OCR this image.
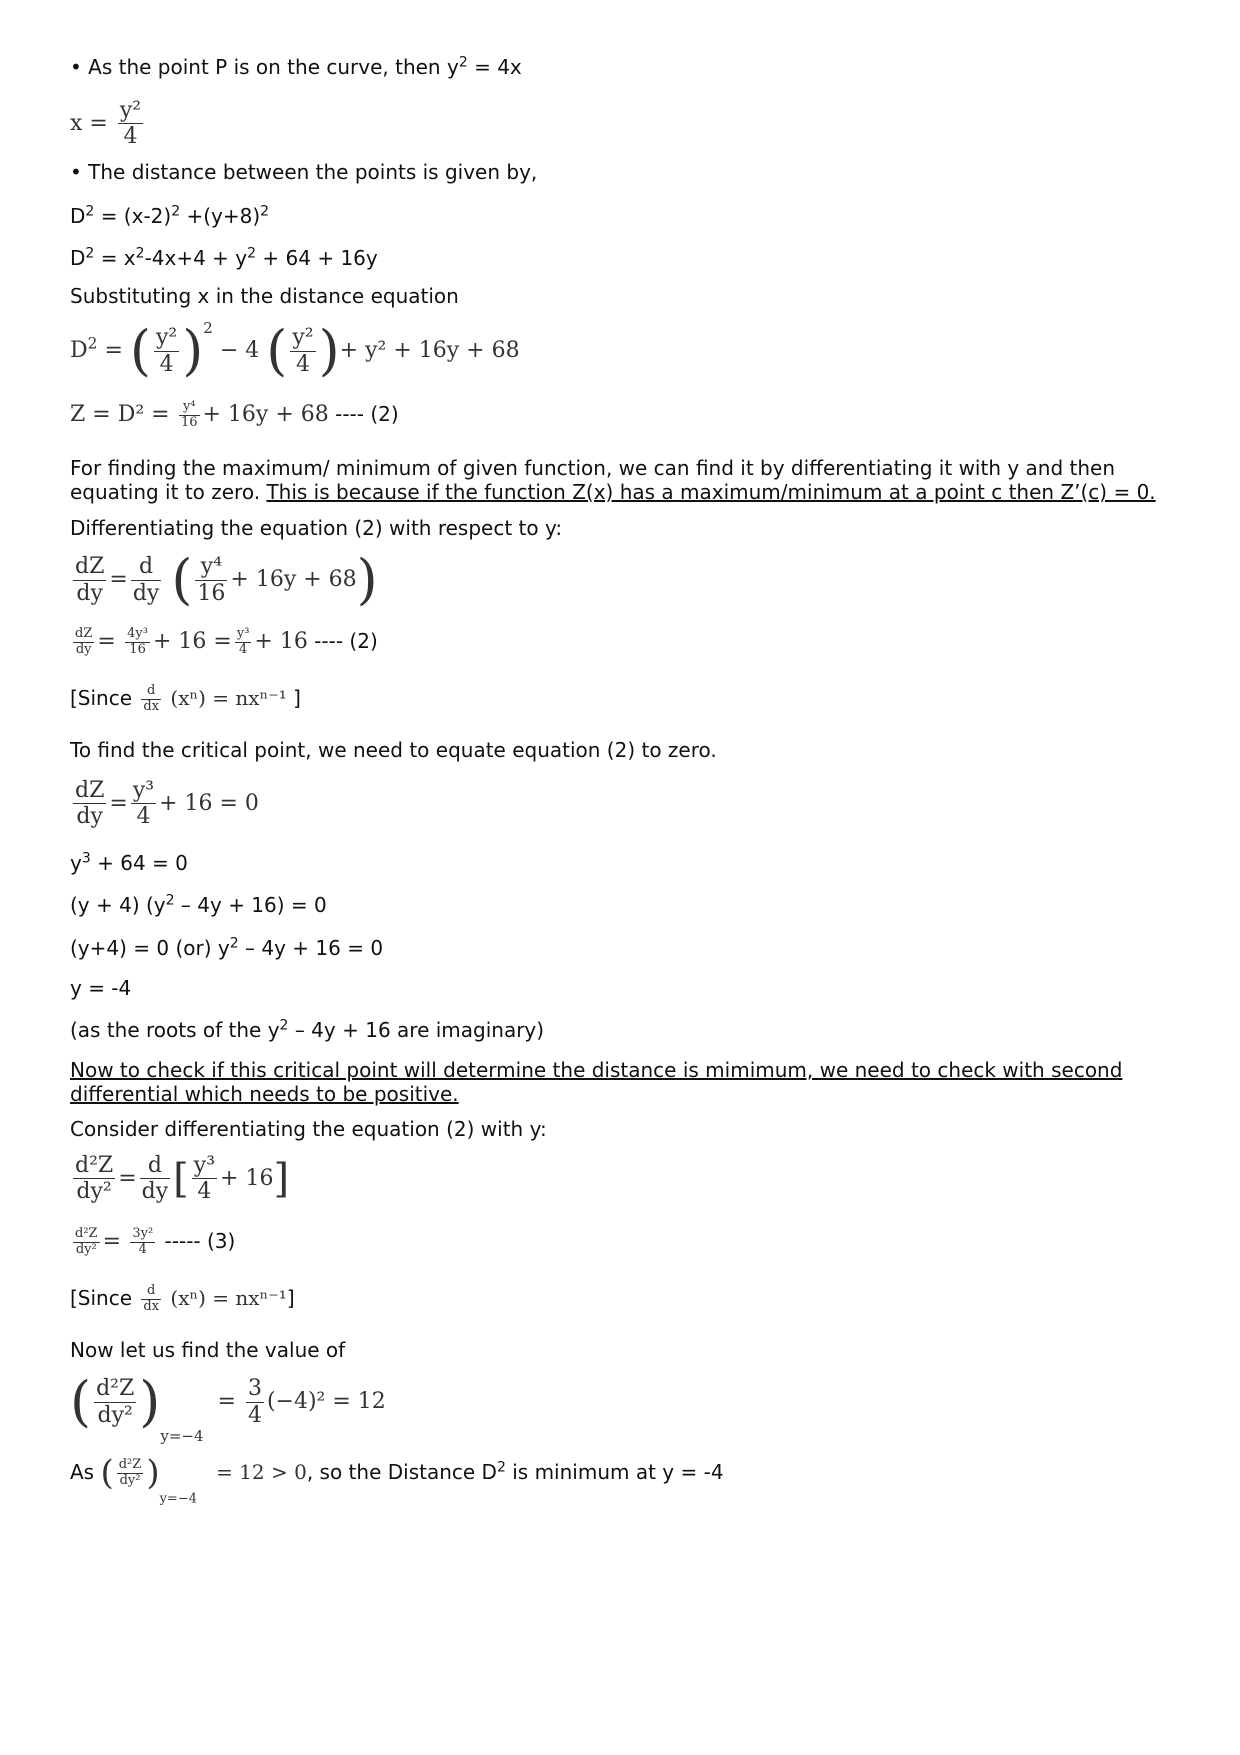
• As the point P is on the curve, then $y^2 = 4x$
$x = \frac{\text{y²}}{4}$
• The distance between the points is given by,
$D^2 = (x-2)^2 +(y+8)^2$
$D^2 = x^2-4x+4 + y^2 + 64 + 16y$
Substituting x in the distance equation
$D^2$ = ( $\frac{\text{y²}}{4} )^2 - 4$ ( $\frac{\text{y²}}{4}$ )+ y² + 16y + 68
$Z = D^2 = \frac{\text{y⁴}}{16} + 16y + 68$ ---- (2)
For finding the maximum/ minimum of given function, we can find it by differentiating it with y and then equating it to zero. This is because if the function Z(x) has a maximum/minimum at a point c then Z’(c) = 0.
Differentiating the equation (2) with respect to y:
$\frac{dZ}{dy} = \frac{d}{dy}$ ( $\frac{\text{y⁴}}{16} + 16y + 68$)
$\frac{dZ}{dy} = \frac{\text{4y³}}{16} + 16 = \frac{\text{y³}}{4} + 16$ ---- (2)
[Since $\frac{d}{dx} (x^n) = nx^{n-1}$ ]
To find the critical point, we need to equate equation (2) to zero.
$\frac{dZ}{dy} = \frac{\text{y³}}{4} + 16 = 0$
$y^3 + 64 = 0$
(y + 4) $(y^2 - 4y + 16) = 0$
(y+4) = 0 (or) $y^2 - 4y + 16 = 0$
y = -4
(as the roots of the $y^2 - 4y + 16$ are imaginary)
Now to check if this critical point will determine the distance is mimimum, we need to check with second differential which needs to be positive.
Consider differentiating the equation (2) with y:
$\frac{\text{d²Z}}{\text{dy²}} = \frac{d}{dy}$ [ $\frac{\text{y³}}{4} + 16$]
$\frac{\text{d²Z}}{\text{dy²}} = \frac{\text{3y²}}{4}$ ----- (3)
[Since $\frac{d}{dx} (x^n) = nx^{n-1}$]
Now let us find the value of
( $\frac{\text{d²Z}}{\text{dy²}} )_{y=-4} = \frac{3}{4} (-4)^2 = 12$
As ( $\frac{\text{d²Z}}{\text{dy²}} )_{y=-4} = 12 > 0$, so the Distance $D^2$ is minimum at y = -4
